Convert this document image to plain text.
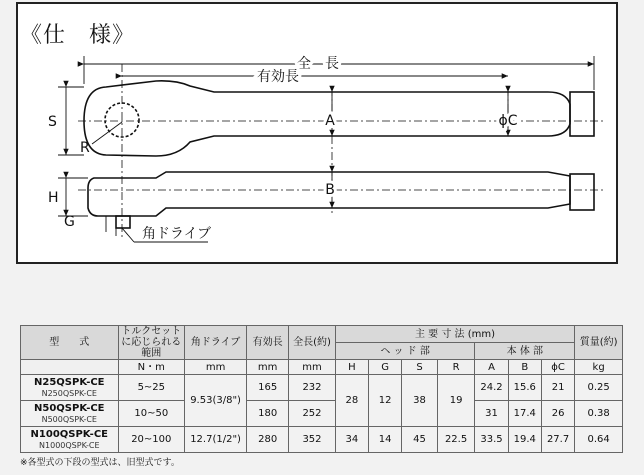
全　長
有効長
S
R
H
G
A
B
ϕC
角ドライブ
《仕　様》
型　　式	トルクセットに応じられる範囲	角ドライブ	有効長	全長(約)	主 要 寸 法 (mm)							質量(約)
					ヘ ッ ド 部				本 体 部			
	N・m	mm	mm	mm	H	G	S	R	A	B	ϕC	kg

N25QSPK-CE
N250QSPK-CE	5~25	9.53(3/8")	165	232	28	12	38	19	24.2	15.6	21	0.25

N50QSPK-CE
N500QSPK-CE	10~50		180	252					31	17.4	26	0.38

N100QSPK-CE
N1000QSPK-CE	20~100	12.7(1/2")	280	352	34	14	45	22.5	33.5	19.4	27.7	0.64
※各型式の下段の型式は、旧型式です。
